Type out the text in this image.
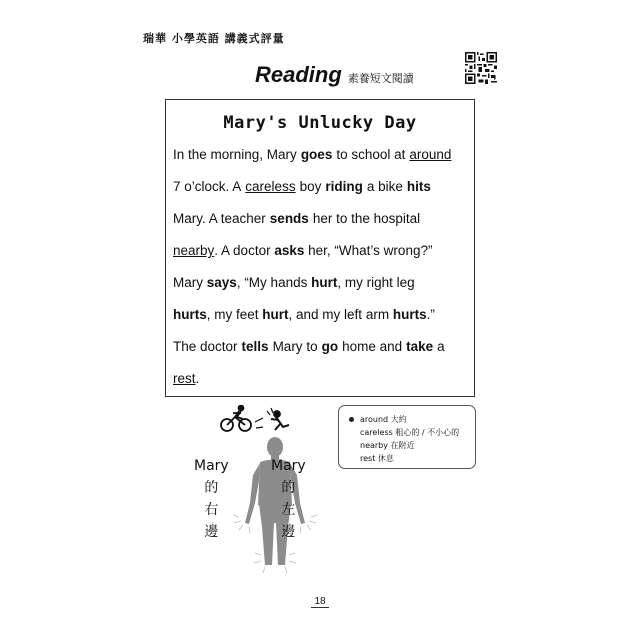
瑞華 小學英語 講義式評量
Reading 素養短文閱讀
Mary's Unlucky Day
In the morning, Mary goes to school at around
7 o’clock. A careless boy riding a bike hits
Mary. A teacher sends her to the hospital
nearby . A doctor
asks
her, “What’s wrong?”
Mary
says , “My hands
hurt , my right leg
hurts , my feet
hurt , and my left arm
hurts .”
The doctor tells Mary to go home and take a
rest .
around 大約
careless 粗心的 / 不小心的
nearby 在附近
rest 休息
Mary
的
右
邊
Mary
的
左
邊
18
